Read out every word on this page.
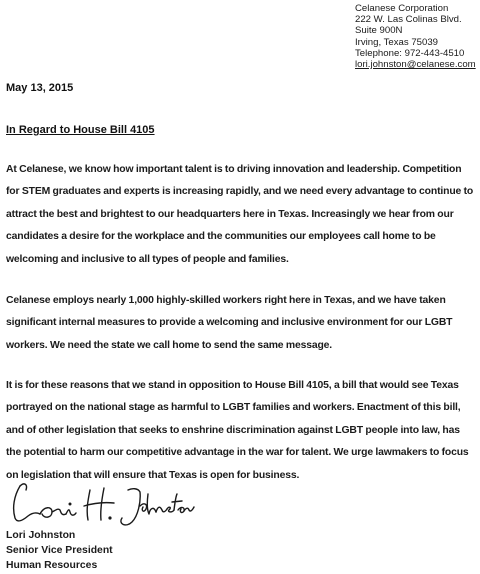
Celanese Corporation
222 W. Las Colinas Blvd.
Suite 900N
Irving, Texas 75039
Telephone: 972-443-4510
lori.johnston@celanese.com
May 13, 2015
In Regard to House Bill 4105

At Celanese, we know how important talent is to driving innovation and leadership. Competition for STEM graduates and experts is increasing rapidly, and we need every advantage to continue to attract the best and brightest to our headquarters here in Texas. Increasingly we hear from our candidates a desire for the workplace and the communities our employees call home to be welcoming and inclusive to all types of people and families.

Celanese employs nearly 1,000 highly-skilled workers right here in Texas, and we have taken significant internal measures to provide a welcoming and inclusive environment for our LGBT workers. We need the state we call home to send the same message.

It is for these reasons that we stand in opposition to House Bill 4105, a bill that would see Texas portrayed on the national stage as harmful to LGBT families and workers. Enactment of this bill, and of other legislation that seeks to enshrine discrimination against LGBT people into law, has the potential to harm our competitive advantage in the war for talent. We urge lawmakers to focus on legislation that will ensure that Texas is open for business.

Lori Johnston
Senior Vice President
Human Resources
